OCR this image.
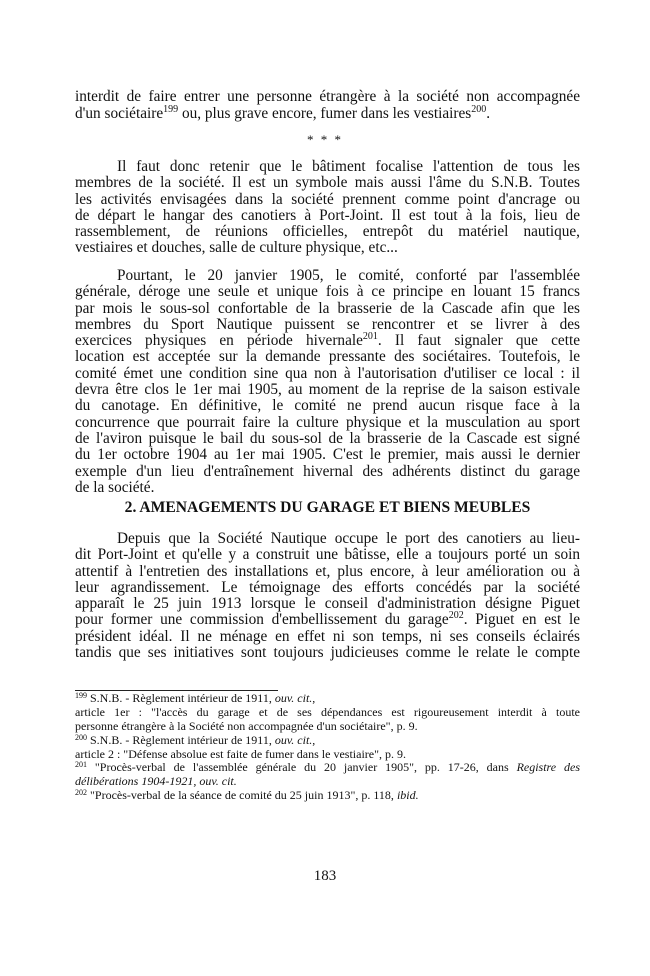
interdit de faire entrer une personne étrangère à la société non accompagnée
d'un sociétaire$^{199}$ ou, plus grave encore, fumer dans les vestiaires$^{200}$.
* * *
Il faut donc retenir que le bâtiment focalise l'attention de tous les
membres de la société. Il est un symbole mais aussi l'âme du S.N.B. Toutes
les activités envisagées dans la société prennent comme point d'ancrage ou
de départ le hangar des canotiers à Port-Joint. Il est tout à la fois, lieu de
rassemblement, de réunions officielles, entrepôt du matériel nautique,
vestiaires et douches, salle de culture physique, etc...
Pourtant, le 20 janvier 1905, le comité, conforté par l'assemblée
générale, déroge une seule et unique fois à ce principe en louant 15 francs
par mois le sous-sol confortable de la brasserie de la Cascade afin que les
membres du Sport Nautique puissent se rencontrer et se livrer à des
exercices physiques en période hivernale$^{201}$. Il faut signaler que cette
location est acceptée sur la demande pressante des sociétaires. Toutefois, le
comité émet une condition sine qua non à l'autorisation d'utiliser ce local : il
devra être clos le 1er mai 1905, au moment de la reprise de la saison estivale
du canotage. En définitive, le comité ne prend aucun risque face à la
concurrence que pourrait faire la culture physique et la musculation au sport
de l'aviron puisque le bail du sous-sol de la brasserie de la Cascade est signé
du 1er octobre 1904 au 1er mai 1905. C'est le premier, mais aussi le dernier
exemple d'un lieu d'entraînement hivernal des adhérents distinct du garage
de la société.
2. AMENAGEMENTS DU GARAGE ET BIENS MEUBLES
Depuis que la Société Nautique occupe le port des canotiers au lieu-
dit Port-Joint et qu'elle y a construit une bâtisse, elle a toujours porté un soin
attentif à l'entretien des installations et, plus encore, à leur amélioration ou à
leur agrandissement. Le témoignage des efforts concédés par la société
apparaît le 25 juin 1913 lorsque le conseil d'administration désigne Piguet
pour former une commission d'embellissement du garage$^{202}$. Piguet en est le
président idéal. Il ne ménage en effet ni son temps, ni ses conseils éclairés
tandis que ses initiatives sont toujours judicieuses comme le relate le compte
$^{199}$ S.N.B. - Règlement intérieur de 1911, ouv. cit.,
article 1er : "l'accès du garage et de ses dépendances est rigoureusement interdit à toute
personne étrangère à la Société non accompagnée d'un sociétaire", p. 9.
$^{200}$ S.N.B. - Règlement intérieur de 1911, ouv. cit.,
article 2 : "Défense absolue est faite de fumer dans le vestiaire", p. 9.
$^{201}$ "Procès-verbal de l'assemblée générale du 20 janvier 1905", pp. 17-26, dans Registre des
délibérations 1904-1921, ouv. cit.
$^{202}$ "Procès-verbal de la séance de comité du 25 juin 1913", p. 118, ibid.
183
